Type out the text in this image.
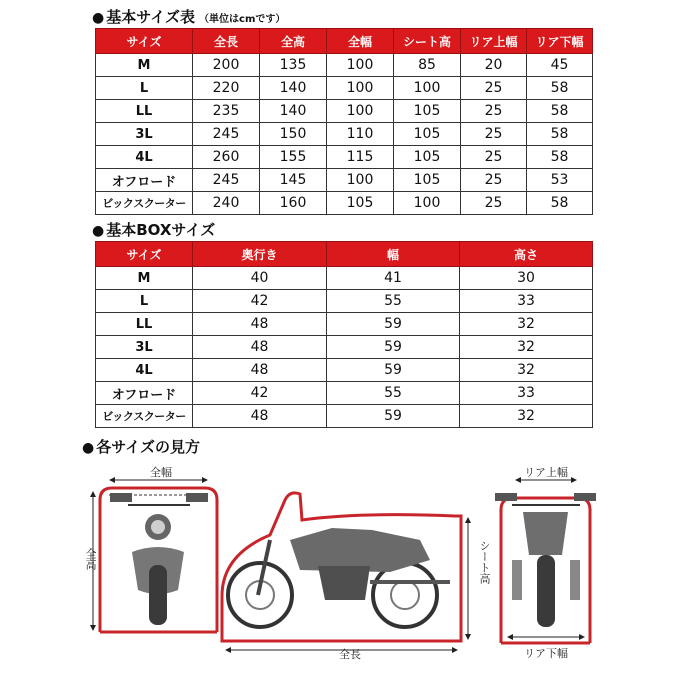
● 基本サイズ表 （単位はcmです）
サイズ	全長	全高	全幅	シート高	リア上幅	リア下幅
M	200	135	100	85	20	45
L	220	140	100	100	25	58
LL	235	140	100	105	25	58
3L	245	150	110	105	25	58
4L	260	155	115	105	25	58
オフロード	245	145	100	105	25	53
ビックスクーター	240	160	105	100	25	58
● 基本BOXサイズ
サイズ	奥行き	幅	高さ
M	40	41	30
L	42	55	33
LL	48	59	32
3L	48	59	32
4L	48	59	32
オフロード	42	55	33
ビックスクーター	48	59	32
● 各サイズの見方
全幅
全高
全長
シート高
リア上幅
リア下幅
